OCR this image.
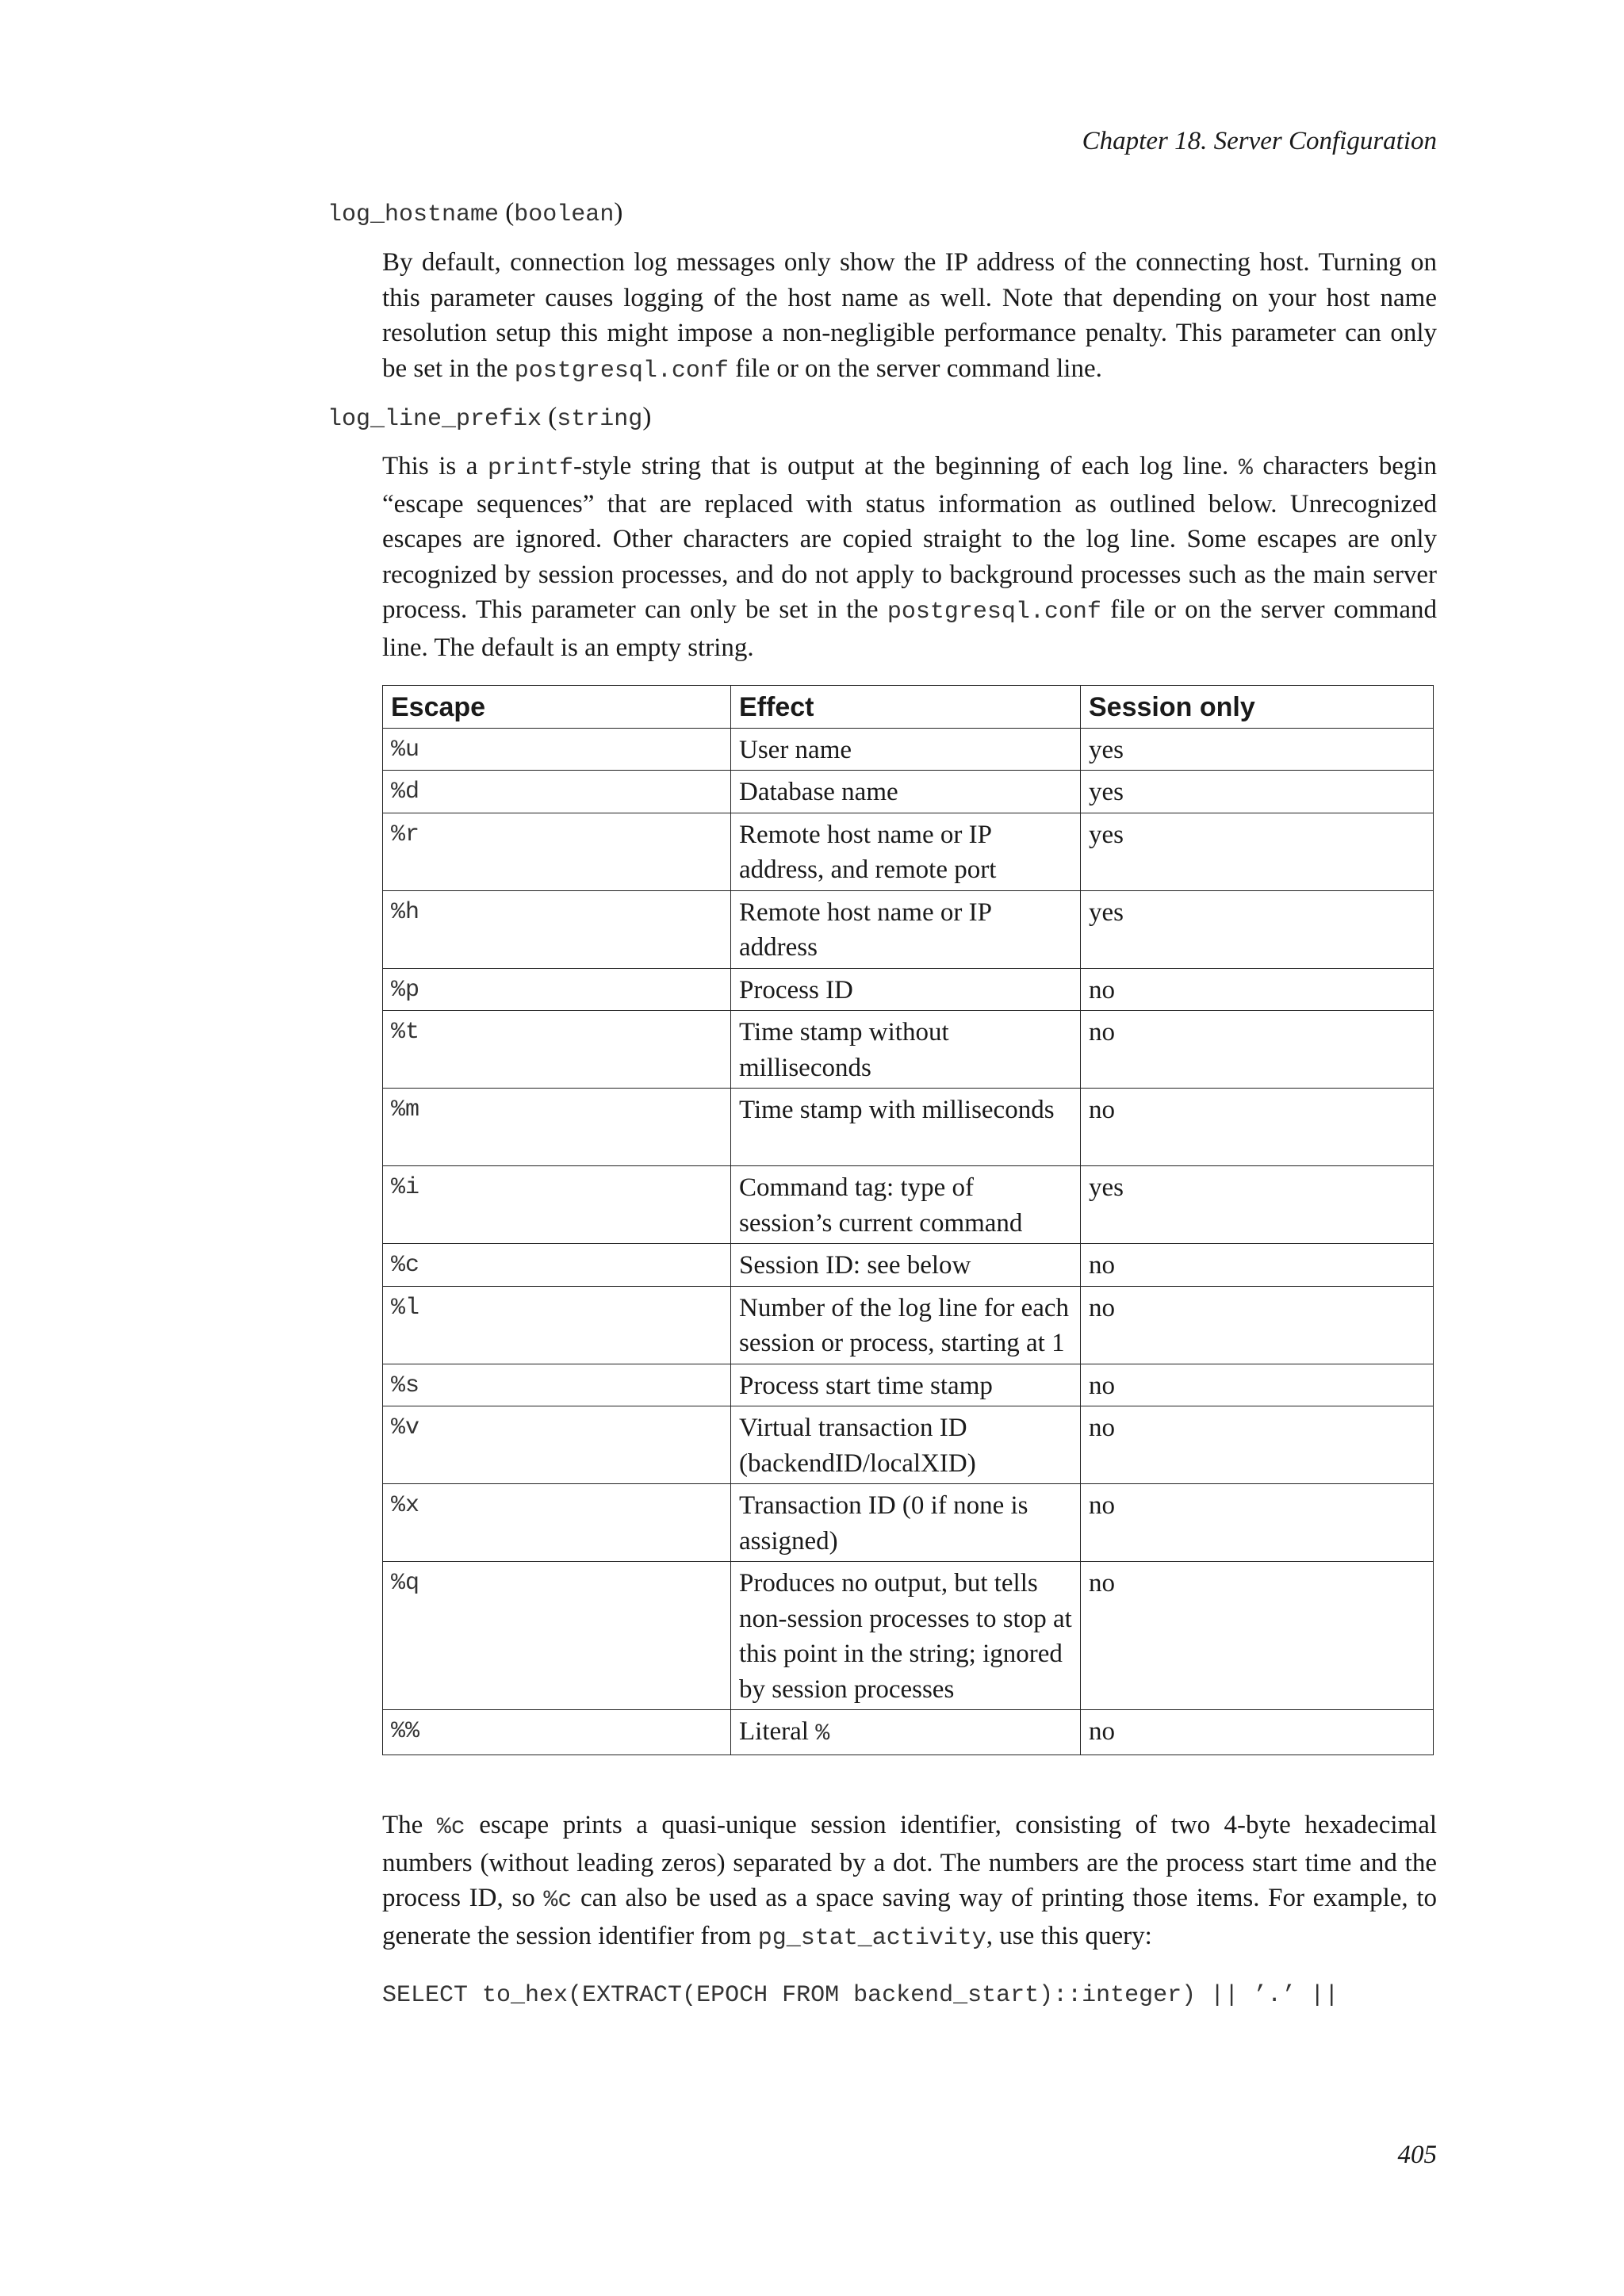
Chapter 18. Server Configuration
log_hostname (boolean)
By default, connection log messages only show the IP address of the connecting host. Turning on this parameter causes logging of the host name as well. Note that depending on your host name resolution setup this might impose a non-negligible performance penalty. This parameter can only be set in the postgresql.conf file or on the server command line.
log_line_prefix (string)
This is a printf-style string that is output at the beginning of each log line. % characters begin “escape sequences” that are replaced with status information as outlined below. Unrecognized escapes are ignored. Other characters are copied straight to the log line. Some escapes are only recognized by session processes, and do not apply to background processes such as the main server process. This parameter can only be set in the postgresql.conf file or on the server command line. The default is an empty string.
Escape	Effect	Session only
%u	User name	yes
%d	Database name	yes
%r	Remote host name or IP address, and remote port	yes
%h	Remote host name or IP address	yes
%p	Process ID	no
%t	Time stamp without milliseconds	no
%m	Time stamp with milliseconds	no
%i	Command tag: type of session’s current command	yes
%c	Session ID: see below	no
%l	Number of the log line for each session or process, starting at 1	no
%s	Process start time stamp	no
%v	Virtual transaction ID (backendID/localXID)	no
%x	Transaction ID (0 if none is assigned)	no
%q	Produces no output, but tells non-session processes to stop at this point in the string; ignored by session processes	no
%%	Literal %	no
The %c escape prints a quasi-unique session identifier, consisting of two 4-byte hexadecimal numbers (without leading zeros) separated by a dot. The numbers are the process start time and the process ID, so %c can also be used as a space saving way of printing those items. For example, to generate the session identifier from pg_stat_activity, use this query:
SELECT to_hex(EXTRACT(EPOCH FROM backend_start)::integer) || ’.’ ||
405
